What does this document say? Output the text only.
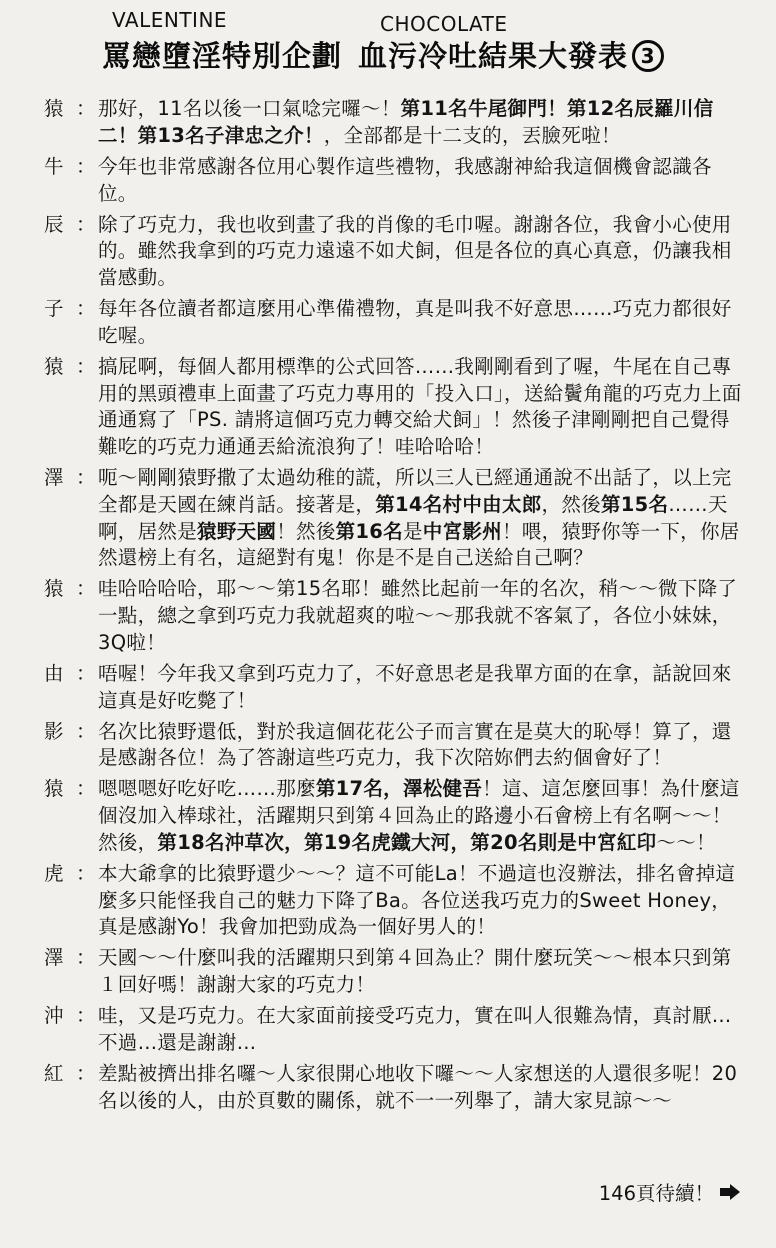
VALENTINE	CHOCOLATE
罵戀墮淫特別企劃 血污冷吐結果大發表 3
猿 ： 那好，11名以後一口氣唸完囉～！第11名牛尾御門！第12名辰羅川信二！第13名子津忠之介！，全部都是十二支的，丟臉死啦！
牛 ： 今年也非常感謝各位用心製作這些禮物，我感謝神給我這個機會認識各位。
辰 ： 除了巧克力，我也收到畫了我的肖像的毛巾喔。謝謝各位，我會小心使用的。雖然我拿到的巧克力遠遠不如犬飼，但是各位的真心真意，仍讓我相當感動。
子 ： 每年各位讀者都這麼用心準備禮物，真是叫我不好意思……巧克力都很好吃喔。
猿 ： 搞屁啊，每個人都用標準的公式回答……我剛剛看到了喔，牛尾在自己專用的黑頭禮車上面畫了巧克力專用的「投入口」，送給鬢角龍的巧克力上面通通寫了「PS. 請將這個巧克力轉交給犬飼」！然後子津剛剛把自己覺得難吃的巧克力通通丟給流浪狗了！哇哈哈哈！
澤 ： 呃～剛剛猿野撒了太過幼稚的謊，所以三人已經通通說不出話了，以上完全都是天國在練肖話。接著是，第14名村中由太郎，然後第15名……天啊，居然是猿野天國！然後第16名是中宮影州！喂，猿野你等一下，你居然還榜上有名，這絕對有鬼！你是不是自己送給自己啊？
猿 ： 哇哈哈哈哈，耶～～第15名耶！雖然比起前一年的名次，稍～～微下降了一點，總之拿到巧克力我就超爽的啦～～那我就不客氣了，各位小妹妹，3Q啦！
由 ： 唔喔！今年我又拿到巧克力了，不好意思老是我單方面的在拿，話說回來這真是好吃斃了！
影 ： 名次比猿野還低，對於我這個花花公子而言實在是莫大的恥辱！算了，還是感謝各位！為了答謝這些巧克力，我下次陪妳們去約個會好了！
猿 ： 嗯嗯嗯好吃好吃……那麼第17名，澤松健吾！這、這怎麼回事！為什麼這個沒加入棒球社，活躍期只到第４回為止的路邊小石會榜上有名啊～～！然後，第18名沖草次，第19名虎鐵大河，第20名則是中宮紅印～～！
虎 ： 本大爺拿的比猿野還少～～？這不可能La！不過這也沒辦法，排名會掉這麼多只能怪我自己的魅力下降了Ba。各位送我巧克力的Sweet Honey，真是感謝Yo！我會加把勁成為一個好男人的！
澤 ： 天國～～什麼叫我的活躍期只到第４回為止？開什麼玩笑～～根本只到第１回好嗎！謝謝大家的巧克力！
沖 ： 哇，又是巧克力。在大家面前接受巧克力，實在叫人很難為情，真討厭…不過…還是謝謝…
紅 ： 差點被擠出排名囉～人家很開心地收下囉～～人家想送的人還很多呢！20名以後的人，由於頁數的關係，就不一一列舉了，請大家見諒～～
146頁待續！
